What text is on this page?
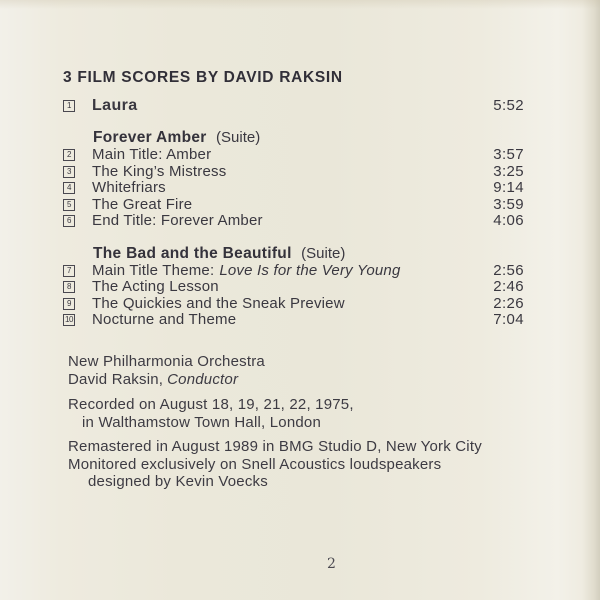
3 FILM SCORES BY DAVID RAKSIN
1 Laura	5:52
Forever Amber (Suite)
2 Main Title: Amber	3:57
3 The King’s Mistress	3:25
4 Whitefriars	9:14
5 The Great Fire	3:59
6 End Title: Forever Amber	4:06
The Bad and the Beautiful (Suite)
7 Main Title Theme: Love Is for the Very Young	2:56
8 The Acting Lesson	2:46
9 The Quickies and the Sneak Preview	2:26
10 Nocturne and Theme	7:04
New Philharmonia Orchestra
David Raksin, Conductor
Recorded on August 18, 19, 21, 22, 1975,
in Walthamstow Town Hall, London
Remastered in August 1989 in BMG Studio D, New York City
Monitored exclusively on Snell Acoustics loudspeakers
designed by Kevin Voecks
2
